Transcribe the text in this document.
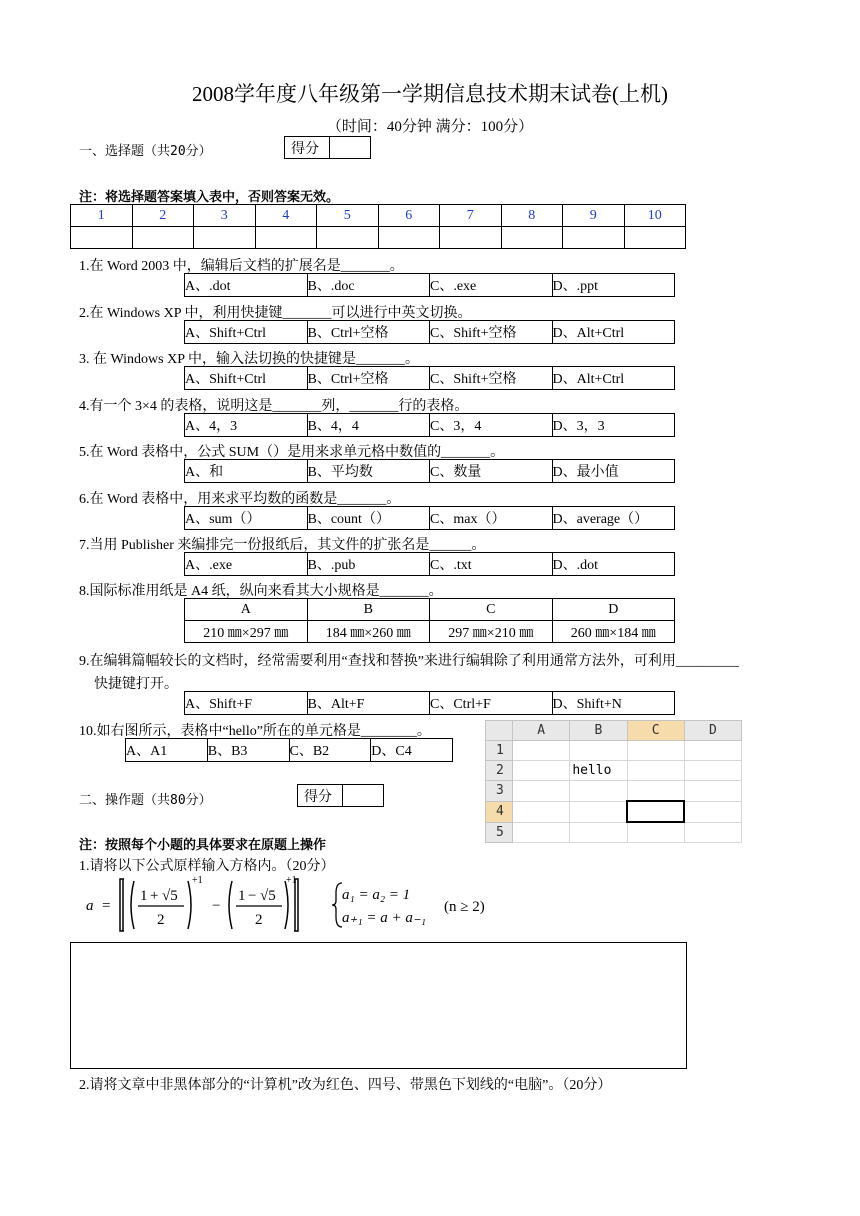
2008学年度八年级第一学期信息技术期末试卷(上机)
（时间：40分钟 满分：100分）
一、选择题（共20分）	得分	
注：将选择题答案填入表中，否则答案无效。
1	2	3	4	5	6	7	8	9	10

1.在 Word 2003 中，编辑后文档的扩展名是_______。
A、.dot	B、.doc	C、.exe	D、.ppt
2.在 Windows XP 中，利用快捷键_______可以进行中英文切换。
A、Shift+Ctrl	B、Ctrl+空格	C、Shift+空格	D、Alt+Ctrl
3. 在 Windows XP 中，输入法切换的快捷键是_______。
A、Shift+Ctrl	B、Ctrl+空格	C、Shift+空格	D、Alt+Ctrl
4.有一个 3×4 的表格，说明这是_______列，_______行的表格。
A、4，3	B、4，4	C、3，4	D、3，3
5.在 Word 表格中，公式 SUM（）是用来求单元格中数值的_______。
A、和	B、平均数	C、数量	D、最小值
6.在 Word 表格中，用来求平均数的函数是_______。
A、sum（）	B、count（）	C、max（）	D、average（）
7.当用 Publisher 来编排完一份报纸后，其文件的扩张名是______。
A、.exe	B、.pub	C、.txt	D、.dot
8.国际标准用纸是 A4 纸，纵向来看其大小规格是_______。
A	B	C	D
210 ㎜×297 ㎜	184 ㎜×260 ㎜	297 ㎜×210 ㎜	260 ㎜×184 ㎜
9.在编辑篇幅较长的文档时，经常需要利用“查找和替换”来进行编辑除了利用通常方法外，可利用_________
快捷键打开。
A、Shift+F	B、Alt+F	C、Ctrl+F	D、Shift+N
10.如右图所示，表格中“hello”所在的单元格是________。
A、A1	B、B3	C、B2	D、C4
	A	B	C	D
1				
2		hello		
3				
4				
5				
二、操作题（共80分）	得分	
注：按照每个小题的具体要求在原题上操作
1.请将以下公式原样输入方格内。（20分）
a =
1 + √5
2
+1
−
1 − √5
2
+1
a₁ = a₂ = 1
a₊₁ = a + a₋₁
(n ≥ 2)
2.请将文章中非黑体部分的“计算机”改为红色、四号、带黑色下划线的“电脑”。（20分）
